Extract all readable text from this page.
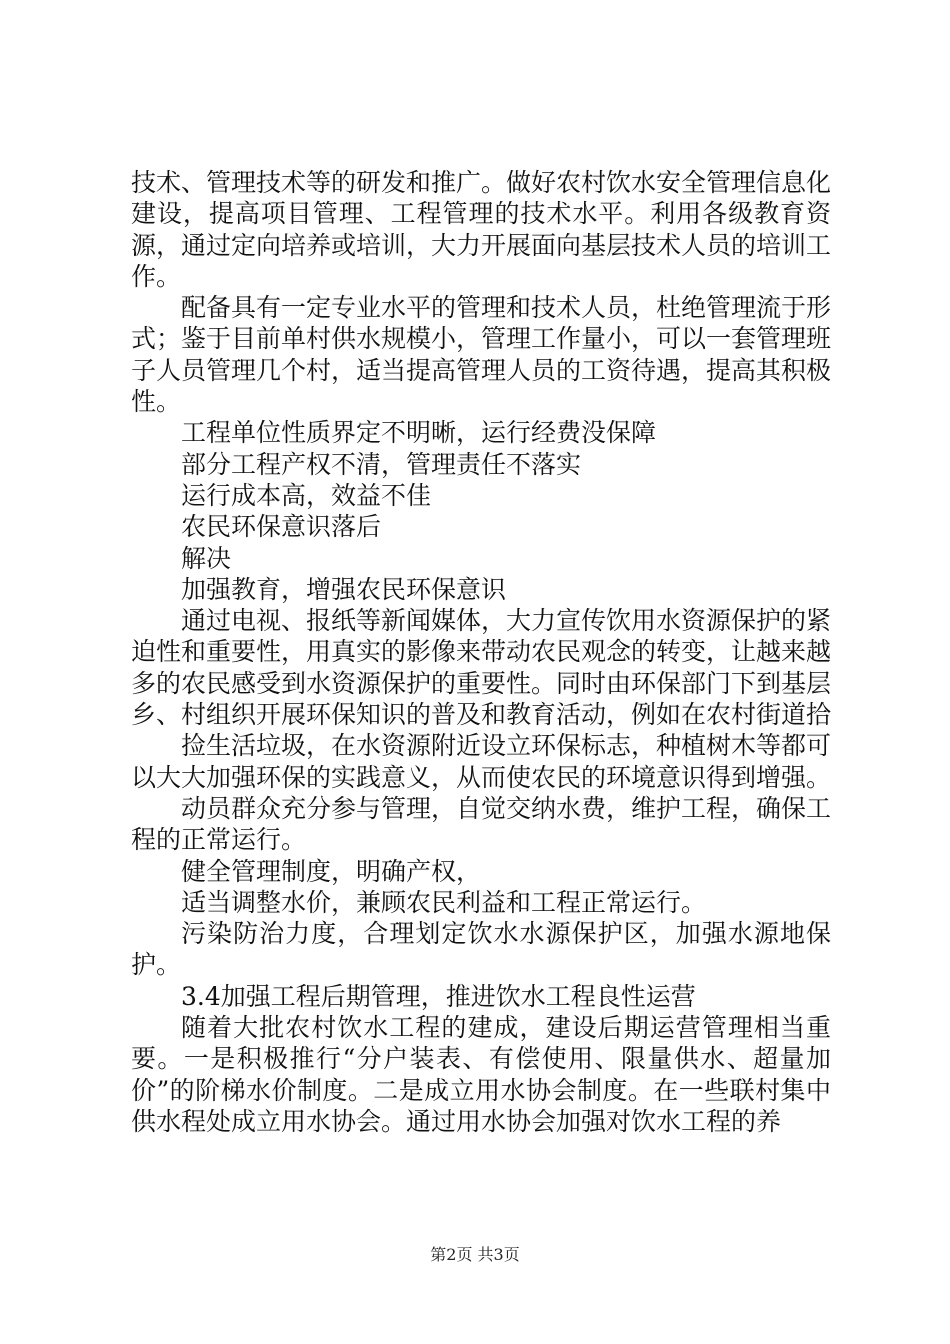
技术、管理技术等的研发和推广。做好农村饮水安全管理信息化建设，提高项目管理、工程管理的技术水平。利用各级教育资源，通过定向培养或培训，大力开展面向基层技术人员的培训工作。

配备具有一定专业水平的管理和技术人员，杜绝管理流于形式；鉴于目前单村供水规模小，管理工作量小，可以一套管理班子人员管理几个村，适当提高管理人员的工资待遇，提高其积极性。

工程单位性质界定不明晰，运行经费没保障

部分工程产权不清，管理责任不落实

运行成本高，效益不佳

农民环保意识落后

解决

加强教育，增强农民环保意识

通过电视、报纸等新闻媒体，大力宣传饮用水资源保护的紧迫性和重要性，用真实的影像来带动农民观念的转变，让越来越多的农民感受到水资源保护的重要性。同时由环保部门下到基层乡、村组织开展环保知识的普及和教育活动，例如在农村街道拾

捡生活垃圾，在水资源附近设立环保标志，种植树木等都可以大大加强环保的实践意义，从而使农民的环境意识得到增强。

动员群众充分参与管理，自觉交纳水费，维护工程，确保工程的正常运行。

健全管理制度，明确产权，

适当调整水价，兼顾农民利益和工程正常运行。

污染防治力度，合理划定饮水水源保护区，加强水源地保护。

3.4加强工程后期管理，推进饮水工程良性运营

随着大批农村饮水工程的建成，建设后期运营管理相当重要。一是积极推行“分户装表、有偿使用、限量供水、超量加价”的阶梯水价制度。二是成立用水协会制度。在一些联村集中供水程处成立用水协会。通过用水协会加强对饮水工程的养

第2页 共3页
